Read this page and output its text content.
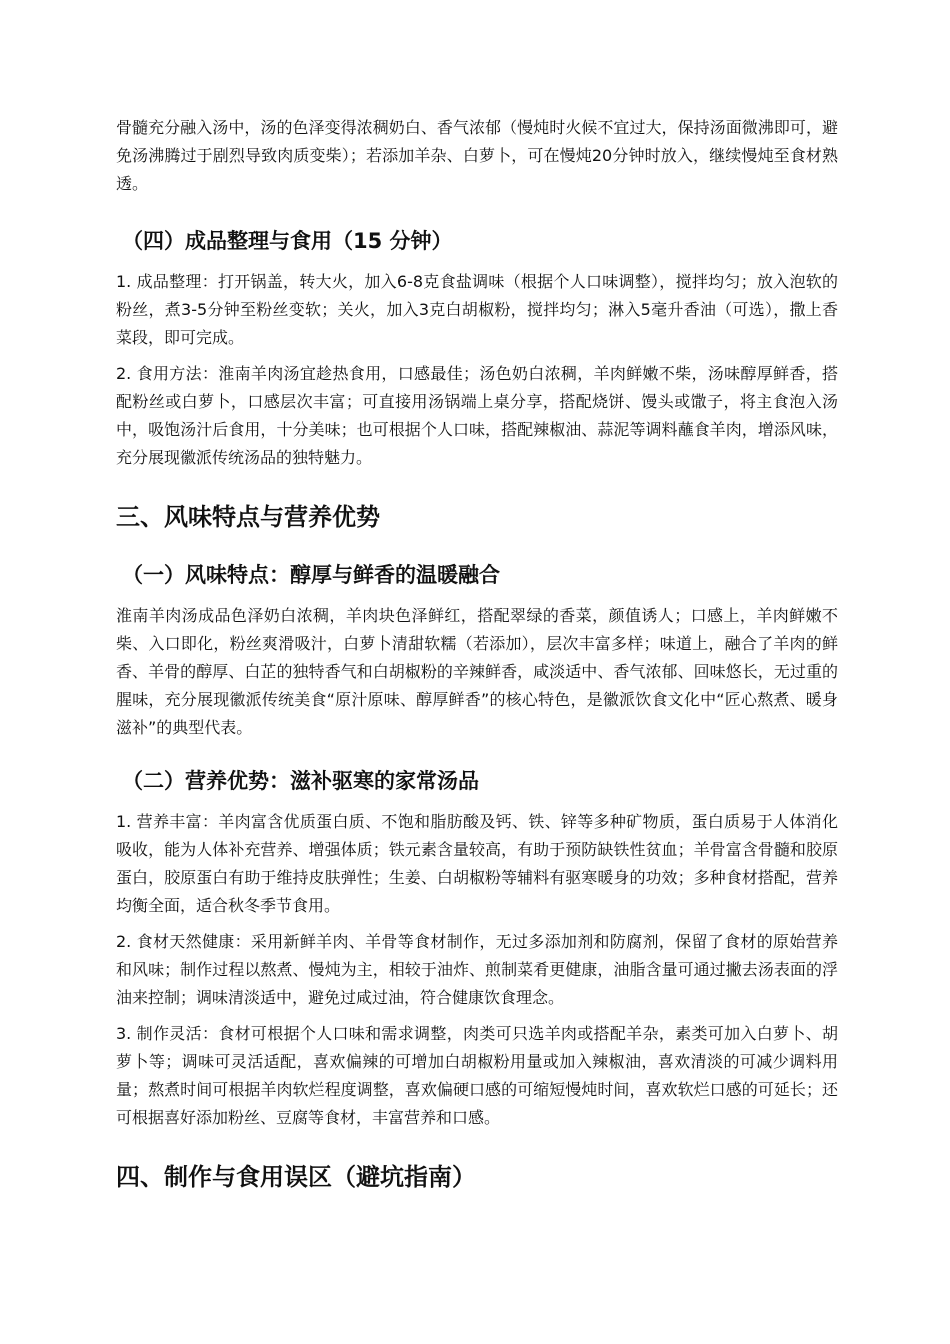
骨髓充分融入汤中，汤的色泽变得浓稠奶白、香气浓郁（慢炖时火候不宜过大，保持汤面微沸即可，避免汤沸腾过于剧烈导致肉质变柴）；若添加羊杂、白萝卜，可在慢炖20分钟时放入，继续慢炖至食材熟透。

（四）成品整理与食用（15 分钟）

1. 成品整理：打开锅盖，转大火，加入6-8克食盐调味（根据个人口味调整），搅拌均匀；放入泡软的粉丝，煮3-5分钟至粉丝变软；关火，加入3克白胡椒粉，搅拌均匀；淋入5毫升香油（可选），撒上香菜段，即可完成。

2. 食用方法：淮南羊肉汤宜趁热食用，口感最佳；汤色奶白浓稠，羊肉鲜嫩不柴，汤味醇厚鲜香，搭配粉丝或白萝卜，口感层次丰富；可直接用汤锅端上桌分享，搭配烧饼、馒头或馓子，将主食泡入汤中，吸饱汤汁后食用，十分美味；也可根据个人口味，搭配辣椒油、蒜泥等调料蘸食羊肉，增添风味，充分展现徽派传统汤品的独特魅力。

三、风味特点与营养优势
（一）风味特点：醇厚与鲜香的温暖融合

淮南羊肉汤成品色泽奶白浓稠，羊肉块色泽鲜红，搭配翠绿的香菜，颜值诱人；口感上，羊肉鲜嫩不柴、入口即化，粉丝爽滑吸汁，白萝卜清甜软糯（若添加），层次丰富多样；味道上，融合了羊肉的鲜香、羊骨的醇厚、白芷的独特香气和白胡椒粉的辛辣鲜香，咸淡适中、香气浓郁、回味悠长，无过重的腥味，充分展现徽派传统美食“原汁原味、醇厚鲜香”的核心特色，是徽派饮食文化中“匠心熬煮、暖身滋补”的典型代表。

（二）营养优势：滋补驱寒的家常汤品

1. 营养丰富：羊肉富含优质蛋白质、不饱和脂肪酸及钙、铁、锌等多种矿物质，蛋白质易于人体消化吸收，能为人体补充营养、增强体质；铁元素含量较高，有助于预防缺铁性贫血；羊骨富含骨髓和胶原蛋白，胶原蛋白有助于维持皮肤弹性；生姜、白胡椒粉等辅料有驱寒暖身的功效；多种食材搭配，营养均衡全面，适合秋冬季节食用。

2. 食材天然健康：采用新鲜羊肉、羊骨等食材制作，无过多添加剂和防腐剂，保留了食材的原始营养和风味；制作过程以熬煮、慢炖为主，相较于油炸、煎制菜肴更健康，油脂含量可通过撇去汤表面的浮油来控制；调味清淡适中，避免过咸过油，符合健康饮食理念。

3. 制作灵活：食材可根据个人口味和需求调整，肉类可只选羊肉或搭配羊杂，素类可加入白萝卜、胡萝卜等；调味可灵活适配，喜欢偏辣的可增加白胡椒粉用量或加入辣椒油，喜欢清淡的可减少调料用量；熬煮时间可根据羊肉软烂程度调整，喜欢偏硬口感的可缩短慢炖时间，喜欢软烂口感的可延长；还可根据喜好添加粉丝、豆腐等食材，丰富营养和口感。

四、制作与食用误区（避坑指南）
